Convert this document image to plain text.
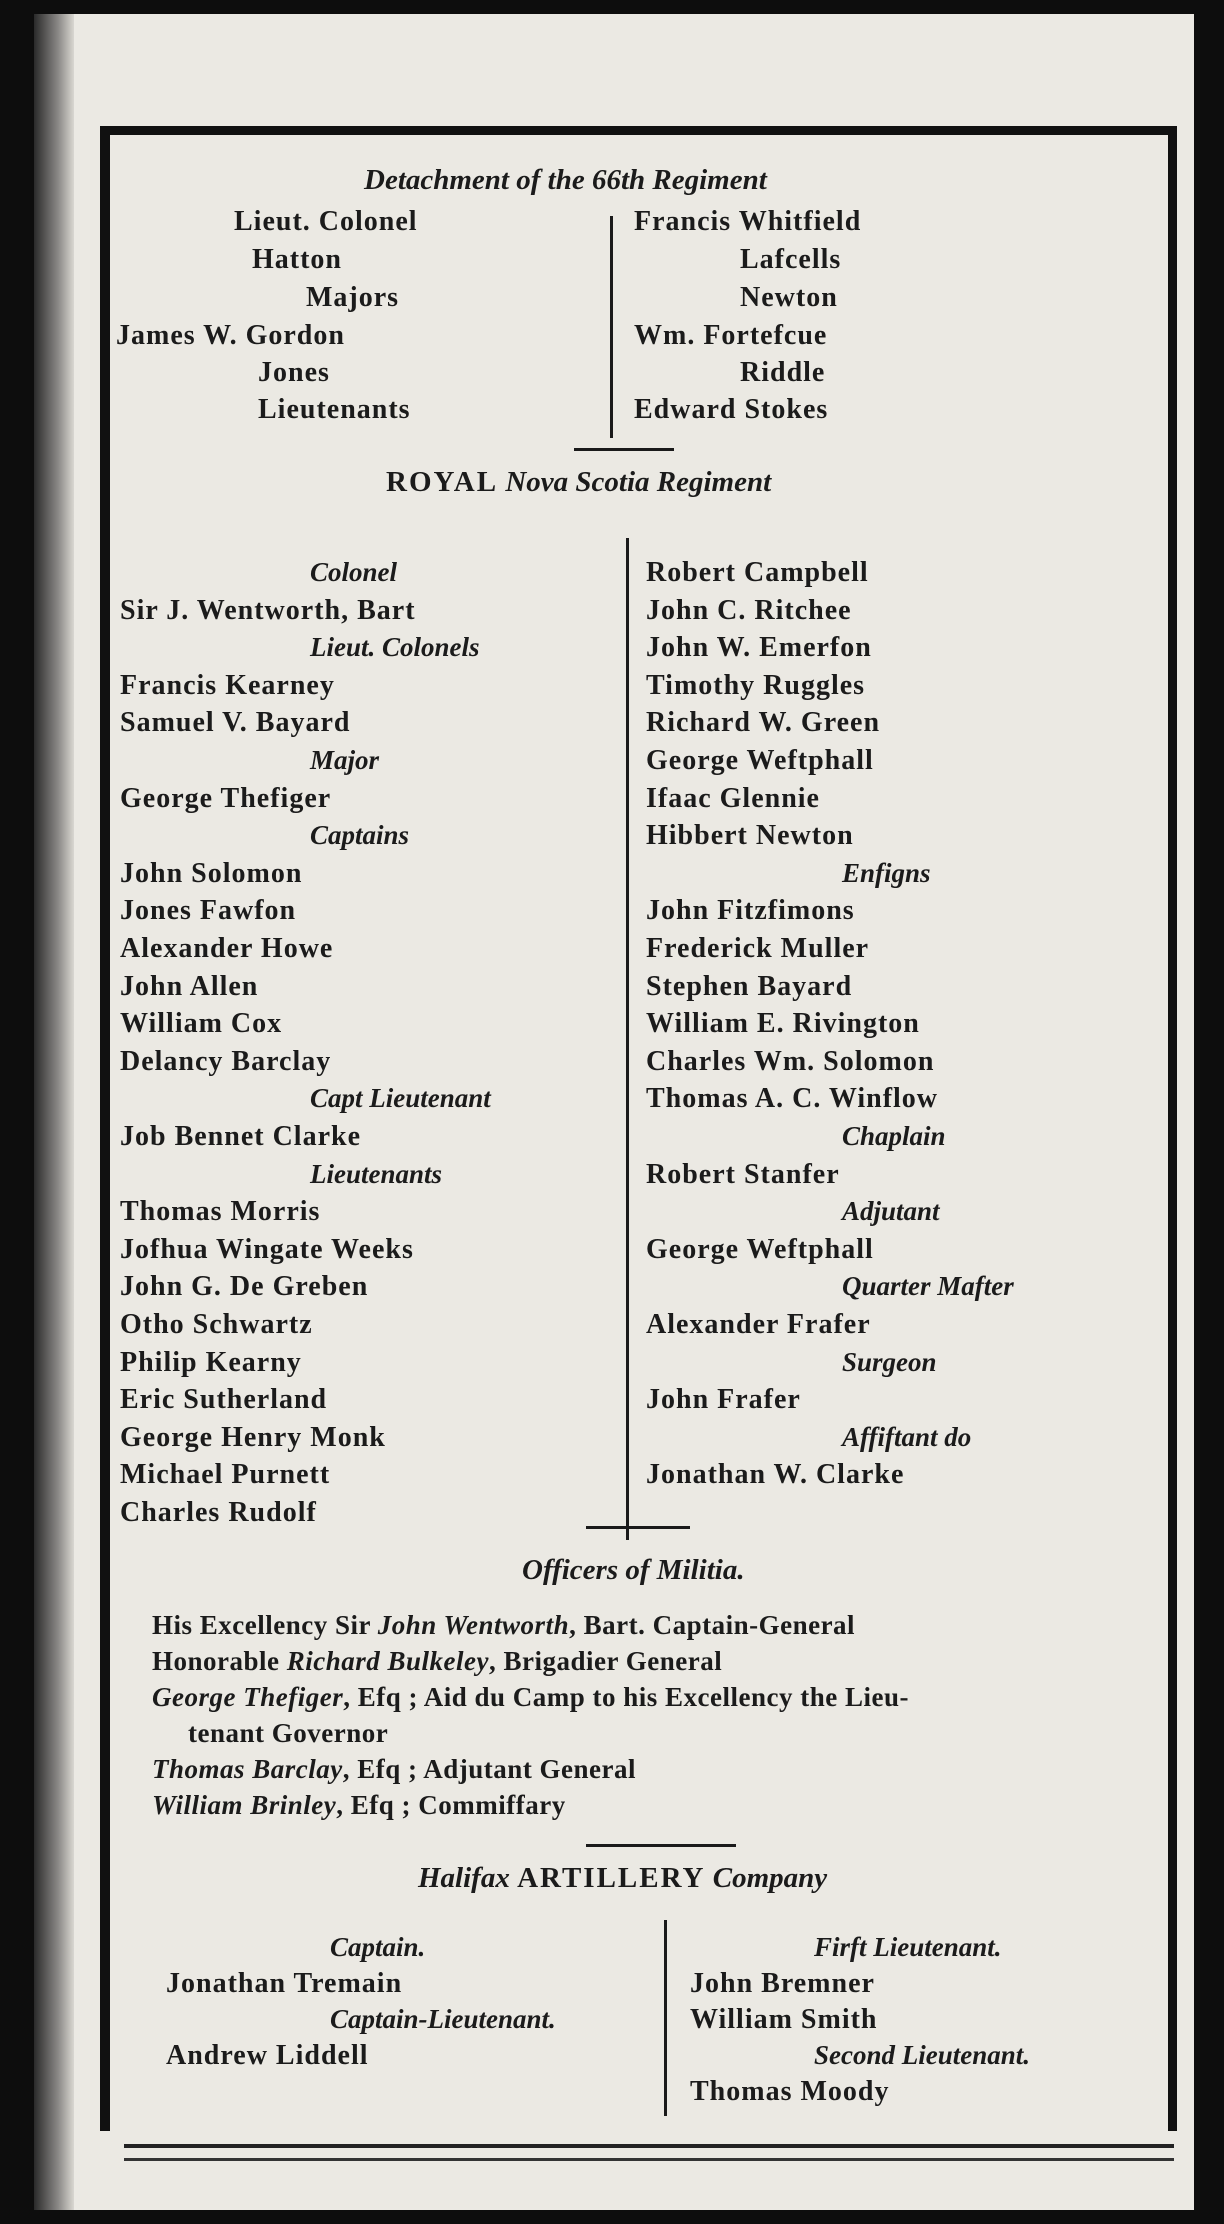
Detachment of the 66th Regiment
Lieut. Colonel
Hatton
Majors
James W. Gordon
Jones
Lieutenants
Francis Whitfield
Lafcells
Newton
Wm. Fortefcue
Riddle
Edward Stokes
ROYAL Nova Scotia Regiment
Colonel
Sir J. Wentworth, Bart
Lieut. Colonels
Francis Kearney
Samuel V. Bayard
Major
George Thefiger
Captains
John Solomon
Jones Fawfon
Alexander Howe
John Allen
William Cox
Delancy Barclay
Capt Lieutenant
Job Bennet Clarke
Lieutenants
Thomas Morris
Jofhua Wingate Weeks
John G. De Greben
Otho Schwartz
Philip Kearny
Eric Sutherland
George Henry Monk
Michael Purnett
Charles Rudolf
Robert Campbell
John C. Ritchee
John W. Emerfon
Timothy Ruggles
Richard W. Green
George Weftphall
Ifaac Glennie
Hibbert Newton
Enfigns
John Fitzfimons
Frederick Muller
Stephen Bayard
William E. Rivington
Charles Wm. Solomon
Thomas A. C. Winflow
Chaplain
Robert Stanfer
Adjutant
George Weftphall
Quarter Mafter
Alexander Frafer
Surgeon
John Frafer
Affiftant do
Jonathan W. Clarke
Officers of Militia.
His Excellency Sir John Wentworth, Bart. Captain-General
Honorable Richard Bulkeley, Brigadier General
George Thefiger, Efq ; Aid du Camp to his Excellency the Lieu-
tenant Governor
Thomas Barclay, Efq ; Adjutant General
William Brinley, Efq ; Commiffary
Halifax ARTILLERY Company
Captain.
Jonathan Tremain
Captain-Lieutenant.
Andrew Liddell
Firft Lieutenant.
John Bremner
William Smith
Second Lieutenant.
Thomas Moody
